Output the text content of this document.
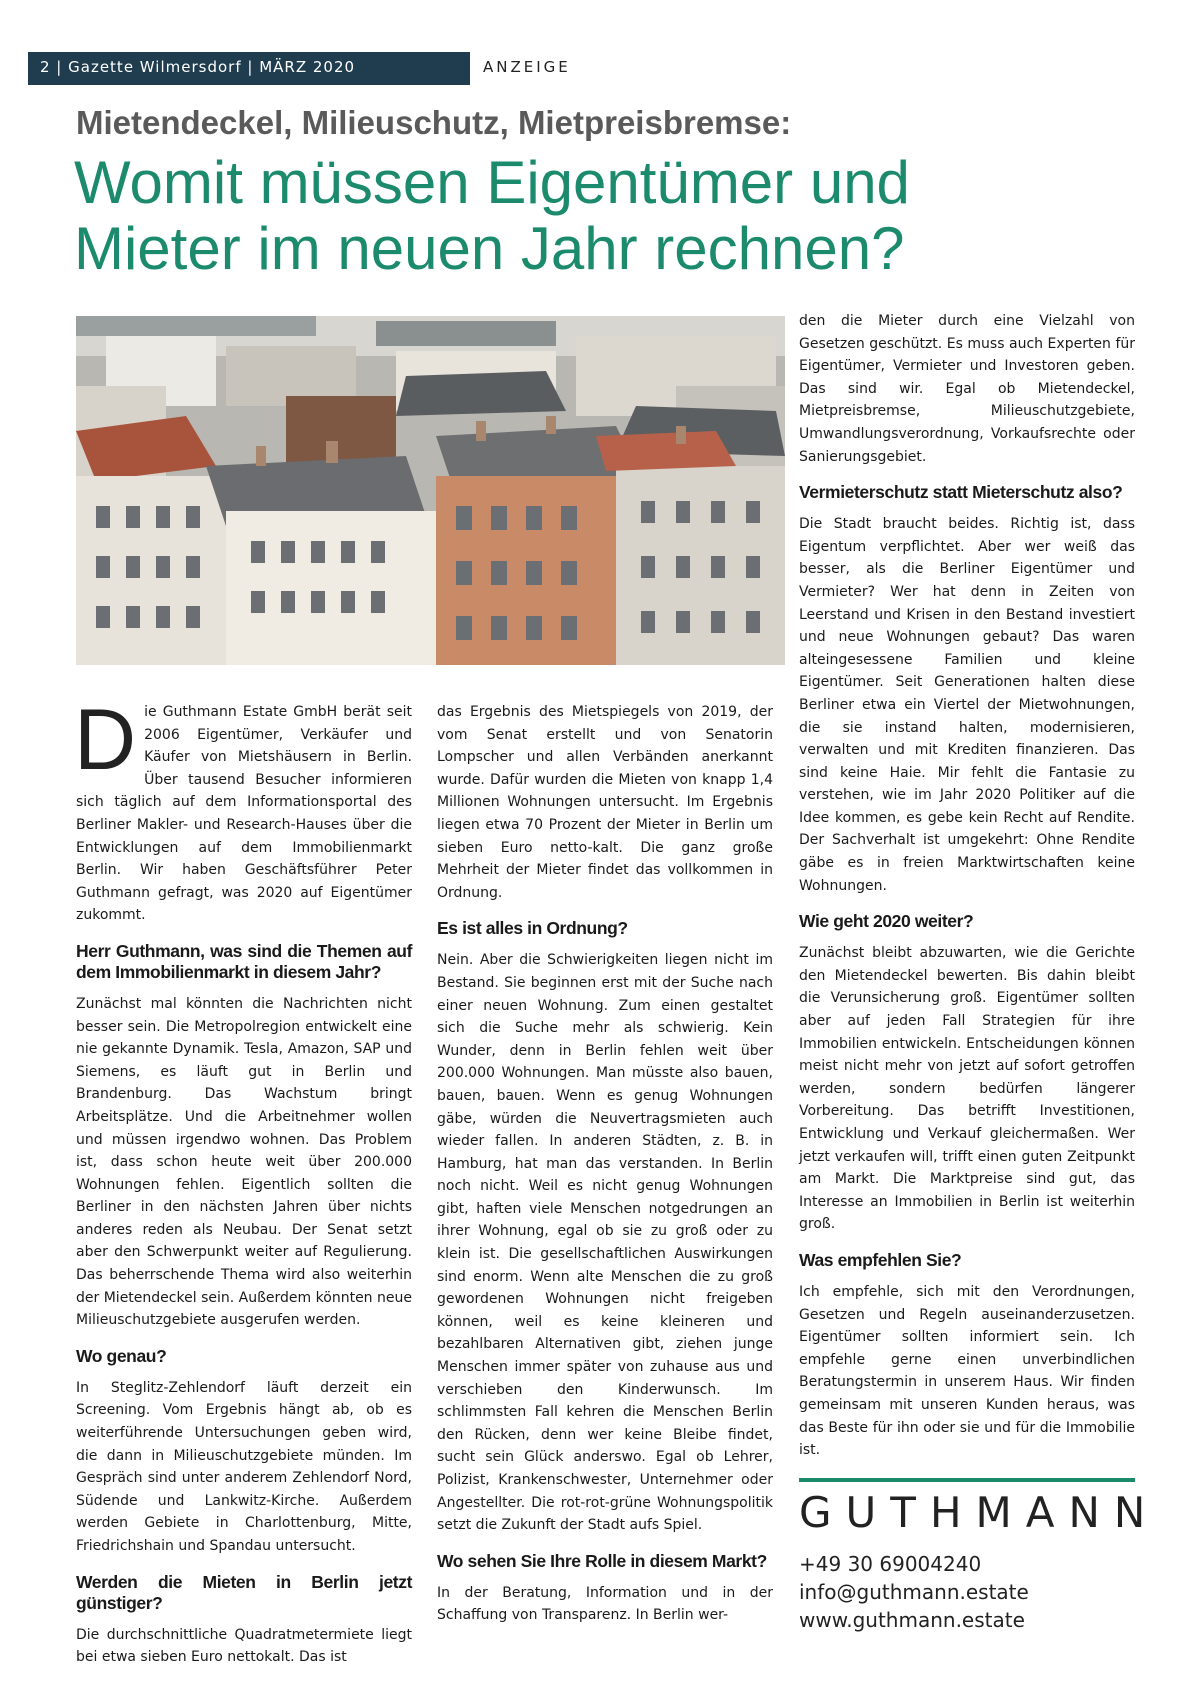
2 | Gazette Wilmersdorf | MÄRZ 2020	ANZEIGE
Mietendeckel, Milieuschutz, Mietpreisbremse:
Womit müssen Eigentümer und
Mieter im neuen Jahr rechnen?

Die Guthmann Estate GmbH berät seit 2006 Eigentümer, Verkäufer und Käufer von Mietshäusern in Berlin. Über tausend Besucher informieren sich täglich auf dem Informationsportal des Berliner Makler- und Research-Hauses über die Entwicklungen auf dem Immobilienmarkt Berlin. Wir haben Geschäftsführer Peter Guthmann gefragt, was 2020 auf Eigentümer zukommt.

Herr Guthmann, was sind die Themen auf dem Immobilienmarkt in diesem Jahr?

Zunächst mal könnten die Nachrichten nicht besser sein. Die Metropolregion entwickelt eine nie gekannte Dynamik. Tesla, Amazon, SAP und Siemens, es läuft gut in Berlin und Brandenburg. Das Wachstum bringt Arbeitsplätze. Und die Arbeitnehmer wollen und müssen irgendwo wohnen. Das Problem ist, dass schon heute weit über 200.000 Wohnungen fehlen. Eigentlich sollten die Berliner in den nächsten Jahren über nichts anderes reden als Neubau. Der Senat setzt aber den Schwerpunkt weiter auf Regulierung. Das beherrschende Thema wird also weiterhin der Mietendeckel sein. Außerdem könnten neue Milieuschutzgebiete ausgerufen werden.

Wo genau?

In Steglitz-Zehlendorf läuft derzeit ein Screening. Vom Ergebnis hängt ab, ob es weiterführende Untersuchungen geben wird, die dann in Milieuschutzgebiete münden. Im Gespräch sind unter anderem Zehlendorf Nord, Südende und Lankwitz-Kirche. Außerdem werden Gebiete in Charlottenburg, Mitte, Friedrichshain und Spandau untersucht.

Werden die Mieten in Berlin jetzt günstiger?

Die durchschnittliche Quadratmetermiete liegt bei etwa sieben Euro nettokalt. Das ist

das Ergebnis des Mietspiegels von 2019, der vom Senat erstellt und von Senatorin Lompscher und allen Verbänden anerkannt wurde. Dafür wurden die Mieten von knapp 1,4 Millionen Wohnungen untersucht. Im Ergebnis liegen etwa 70 Prozent der Mieter in Berlin um sieben Euro netto-kalt. Die ganz große Mehrheit der Mieter findet das vollkommen in Ordnung.

Es ist alles in Ordnung?

Nein. Aber die Schwierigkeiten liegen nicht im Bestand. Sie beginnen erst mit der Suche nach einer neuen Wohnung. Zum einen gestaltet sich die Suche mehr als schwierig. Kein Wunder, denn in Berlin fehlen weit über 200.000 Wohnungen. Man müsste also bauen, bauen, bauen. Wenn es genug Wohnungen gäbe, würden die Neuvertragsmieten auch wieder fallen. In anderen Städten, z. B. in Hamburg, hat man das verstanden. In Berlin noch nicht. Weil es nicht genug Wohnungen gibt, haften viele Menschen notgedrungen an ihrer Wohnung, egal ob sie zu groß oder zu klein ist. Die gesellschaftlichen Auswirkungen sind enorm. Wenn alte Menschen die zu groß gewordenen Wohnungen nicht freigeben können, weil es keine kleineren und bezahlbaren Alternativen gibt, ziehen junge Menschen immer später von zuhause aus und verschieben den Kinderwunsch. Im schlimmsten Fall kehren die Menschen Berlin den Rücken, denn wer keine Bleibe findet, sucht sein Glück anderswo. Egal ob Lehrer, Polizist, Krankenschwester, Unternehmer oder Angestellter. Die rot-rot-grüne Wohnungspolitik setzt die Zukunft der Stadt aufs Spiel.

Wo sehen Sie Ihre Rolle in diesem Markt?

In der Beratung, Information und in der Schaffung von Transparenz. In Berlin wer-

den die Mieter durch eine Vielzahl von Gesetzen geschützt. Es muss auch Experten für Eigentümer, Vermieter und Investoren geben. Das sind wir. Egal ob Mietendeckel, Mietpreisbremse, Milieuschutzgebiete, Umwandlungsverordnung, Vorkaufsrechte oder Sanierungsgebiet.

Vermieterschutz statt Mieterschutz also?

Die Stadt braucht beides. Richtig ist, dass Eigentum verpflichtet. Aber wer weiß das besser, als die Berliner Eigentümer und Vermieter? Wer hat denn in Zeiten von Leerstand und Krisen in den Bestand investiert und neue Wohnungen gebaut? Das waren alteingesessene Familien und kleine Eigentümer. Seit Generationen halten diese Berliner etwa ein Viertel der Mietwohnungen, die sie instand halten, modernisieren, verwalten und mit Krediten finanzieren. Das sind keine Haie. Mir fehlt die Fantasie zu verstehen, wie im Jahr 2020 Politiker auf die Idee kommen, es gebe kein Recht auf Rendite. Der Sachverhalt ist umgekehrt: Ohne Rendite gäbe es in freien Marktwirtschaften keine Wohnungen.

Wie geht 2020 weiter?

Zunächst bleibt abzuwarten, wie die Gerichte den Mietendeckel bewerten. Bis dahin bleibt die Verunsicherung groß. Eigentümer sollten aber auf jeden Fall Strategien für ihre Immobilien entwickeln. Entscheidungen können meist nicht mehr von jetzt auf sofort getroffen werden, sondern bedürfen längerer Vorbereitung. Das betrifft Investitionen, Entwicklung und Verkauf gleichermaßen. Wer jetzt verkaufen will, trifft einen guten Zeitpunkt am Markt. Die Marktpreise sind gut, das Interesse an Immobilien in Berlin ist weiterhin groß.

Was empfehlen Sie?

Ich empfehle, sich mit den Verordnungen, Gesetzen und Regeln auseinanderzusetzen. Eigentümer sollten informiert sein. Ich empfehle gerne einen unverbindlichen Beratungstermin in unserem Haus. Wir finden gemeinsam mit unseren Kunden heraus, was das Beste für ihn oder sie und für die Immobilie ist.

GUTHMANN
+49 30 69004240
info@guthmann.estate
www.guthmann.estate
